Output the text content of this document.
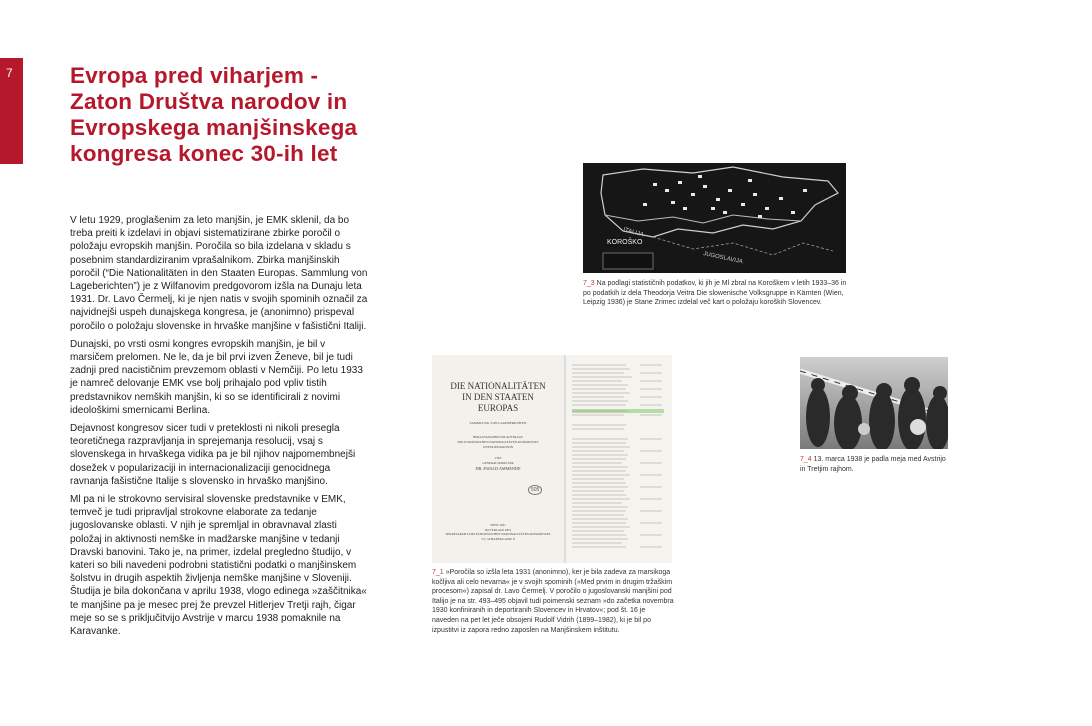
7	Evropa pred viharjem -
Zaton Društva narodov in
Evropskega manjšinskega
kongresa konec 30-ih let

V letu 1929, proglašenim za leto manjšin, je EMK sklenil, da bo treba preiti k izdelavi in objavi sistematizirane zbirke poročil o položaju evropskih manjšin. Poročila so bila izdelana v skladu s posebnim standardiziranim vprašalnikom. Zbirka manjšinskih poročil (“Die Nationalitäten in den Staaten Europas. Sammlung von Lageberichten”) je z Wilfanovim predgovorom izšla na Dunaju leta 1931. Dr. Lavo Čermelj, ki je njen natis v svojih spominih označil za najvidnejši uspeh dunajskega kongresa, je (anonimno) prispeval poročilo o položaju slovenske in hrvaške manjšine v fašistični Italiji.

Dunajski, po vrsti osmi kongres evropskih manjšin, je bil v marsičem prelomen. Ne le, da je bil prvi izven Ženeve, bil je tudi zadnji pred nacističnim prevzemom oblasti v Nemčiji. Po letu 1933 je namreč delovanje EMK vse bolj prihajalo pod vpliv tistih predstavnikov nemških manjšin, ki so se identificirali z novimi ideološkimi smernicami Berlina.

Dejavnost kongresov sicer tudi v preteklosti ni nikoli presegla teoretičnega razpravljanja in sprejemanja resolucij, vsaj s slovenskega in hrvaškega vidika pa je bil njihov najpomembnejši dosežek v popularizaciji in internacionalizaciji genocidnega ravnanja fašistične Italije s slovensko in hrvaško manjšino.

Ml pa ni le strokovno servisiral slovenske predstavnike v EMK, temveč je tudi pripravljal strokovne elaborate za tedanje jugoslovanske oblasti. V njih je spremljal in obravnaval zlasti položaj in aktivnosti nemške in madžarske manjšine v tedanji Dravski banovini. Tako je, na primer, izdelal pregledno študijo, v kateri so bili navedeni podrobni statistični podatki o manjšinskem šolstvu in drugih aspektih življenja nemške manjšine v Sloveniji. Študija je bila dokončana v aprilu 1938, vlogo edinega »zaščitnika« te manjšine pa je mesec prej že prevzel Hitlerjev Tretji rajh, čigar meje so se s priključitvijo Avstrije v marcu 1938 pomaknile na Karavanke.

KOROŠKO
ITALIJA
JUGOSLAVIJA
7_3 Na podlagi statističnih podatkov, ki jih je Ml zbral na Koroškem v letih 1933–36 in po podatkih iz dela Theodorja Veitra Die slowenische Volksgruppe in Kärnten (Wien, Leipzig 1936) je Stane Zrimec izdelal več kart o položaju koroških Slovencev.
DIE NATIONALITÄTEN
IN DEN STAATEN
EUROPAS
SAMMLUNG VON LAGEBERICHTEN
HERAUSGEGEBEN IM AUFTRAGE
DES EUROPÄISCHEN NATIONALITÄTEN-KONGRESSES
UNTER REDAKTION
VON
GENERALSEKRETÄR
DR. EWALD AMMENDE
605
WIEN 1931
IM VERLAGE DES
SEKRETARIATS DES EUROPÄISCHEN NATIONALITÄTEN-KONGRESSES
VI., SCHADEKGASSE 8
7_1 »Poročila so izšla leta 1931 (anonimno), ker je bila zadeva za marsikoga kočljiva ali celo nevarna« je v svojih spominih (»Med prvim in drugim tržaškim procesom«) zapisal dr. Lavo Čermelj. V poročilo o jugoslovanski manjšini pod Italijo je na str. 493–495 objavil tudi poimenski seznam »do začetka novembra 1930 konfiniranih in deportiranih Slovencev in Hrvatov«; pod št. 16 je naveden na pet let ječe obsojeni Rudolf Vidrih (1899–1982), ki je bil po izpustitvi iz zapora redno zaposlen na Manjšinskem inštitutu.
7_4 13. marca 1938 je padla meja med Avstrijo in Tretjim rajhom.
